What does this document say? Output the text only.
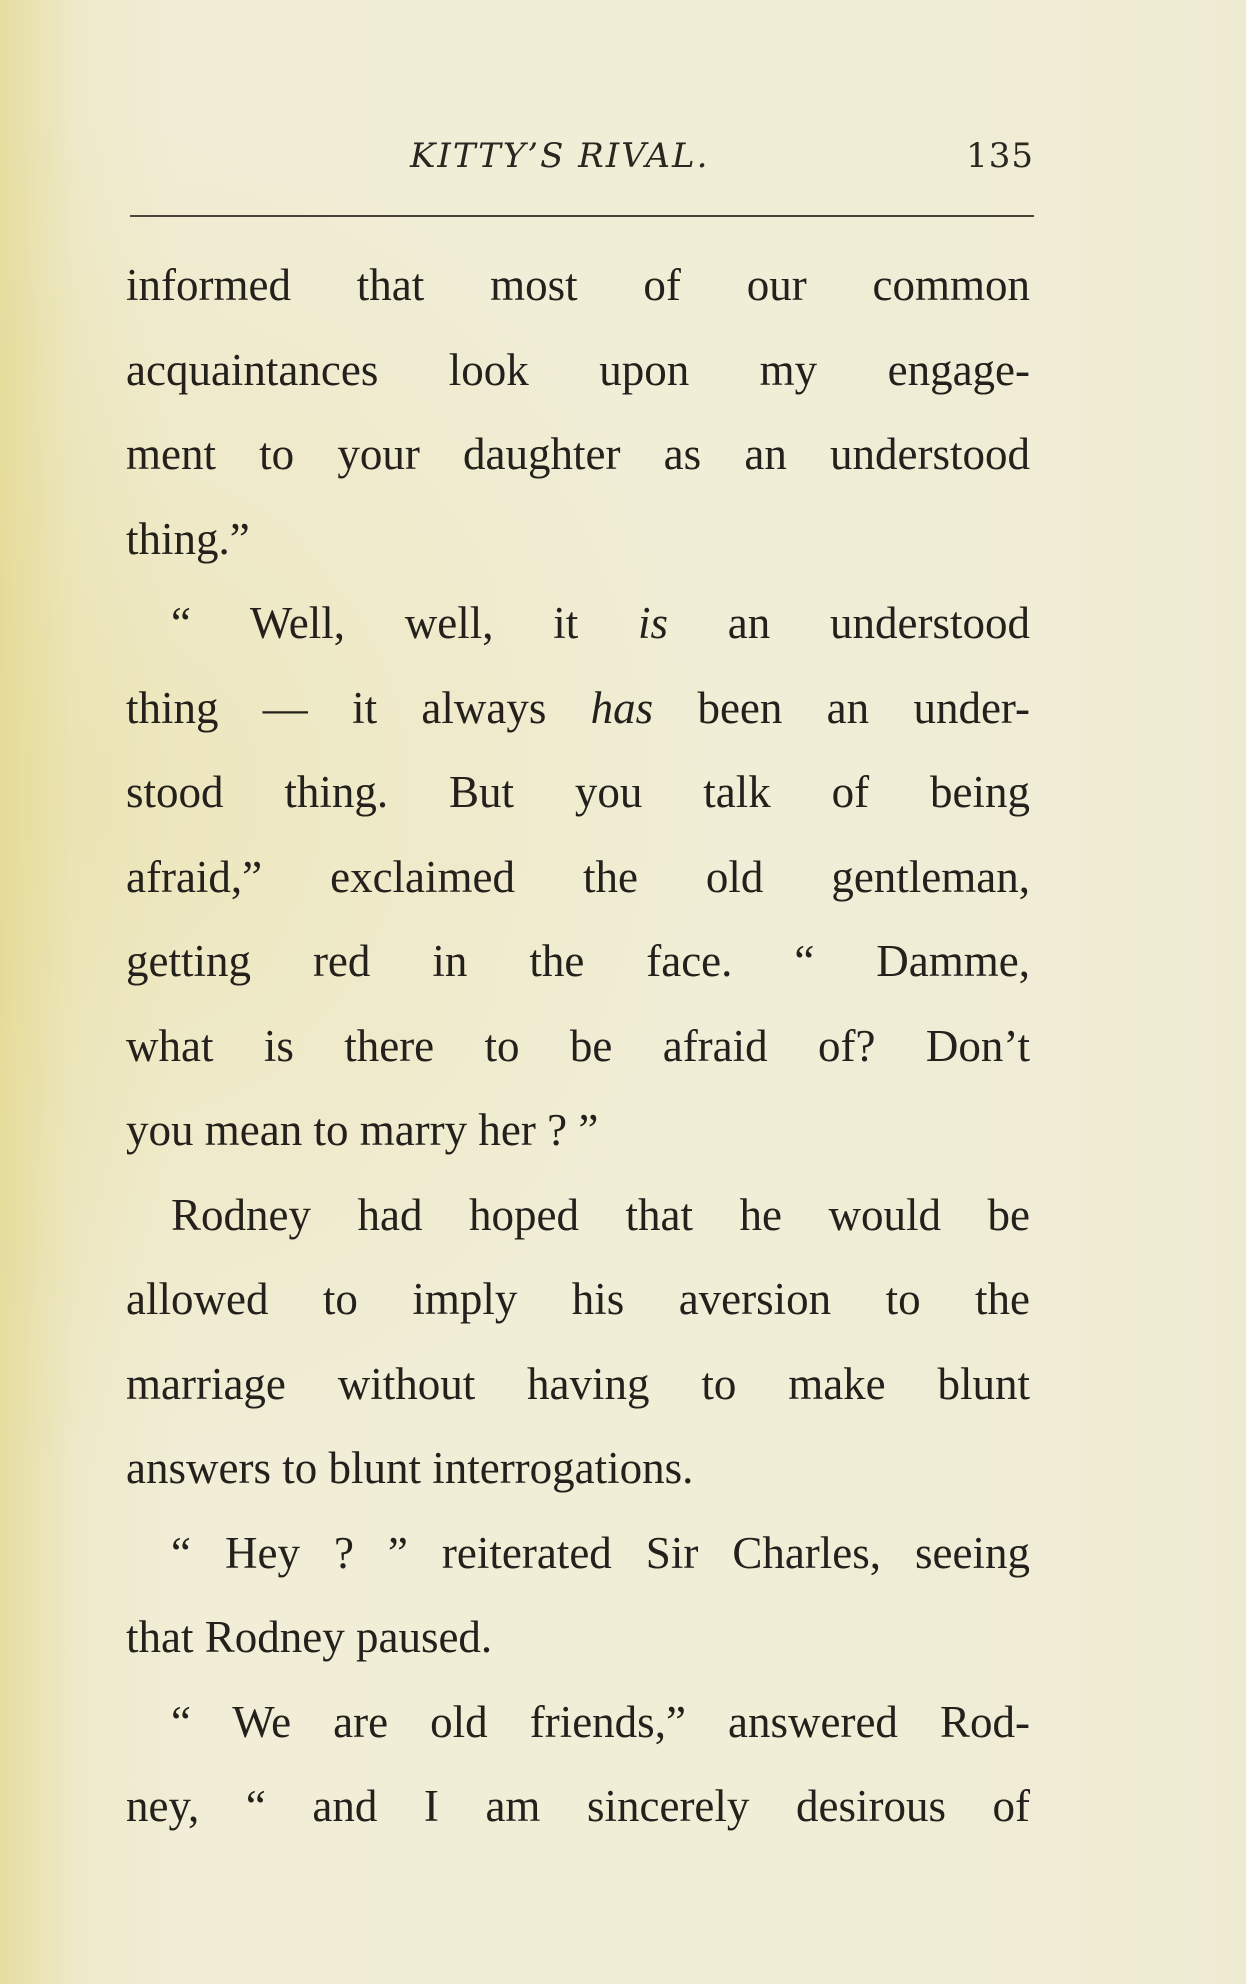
KITTY’S RIVAL.	135
informed that most of our common
acquaintances look upon my engage-
ment to your daughter as an understood
thing.”
“ Well, well, it is an understood
thing — it always has been an under-
stood thing. But you talk of being
afraid,” exclaimed the old gentleman,
getting red in the face. “ Damme,
what is there to be afraid of? Don’t
you mean to marry her ? ”
Rodney had hoped that he would be
allowed to imply his aversion to the
marriage without having to make blunt
answers to blunt interrogations.
“ Hey ? ” reiterated Sir Charles, seeing
that Rodney paused.
“ We are old friends,” answered Rod-
ney, “ and I am sincerely desirous of
